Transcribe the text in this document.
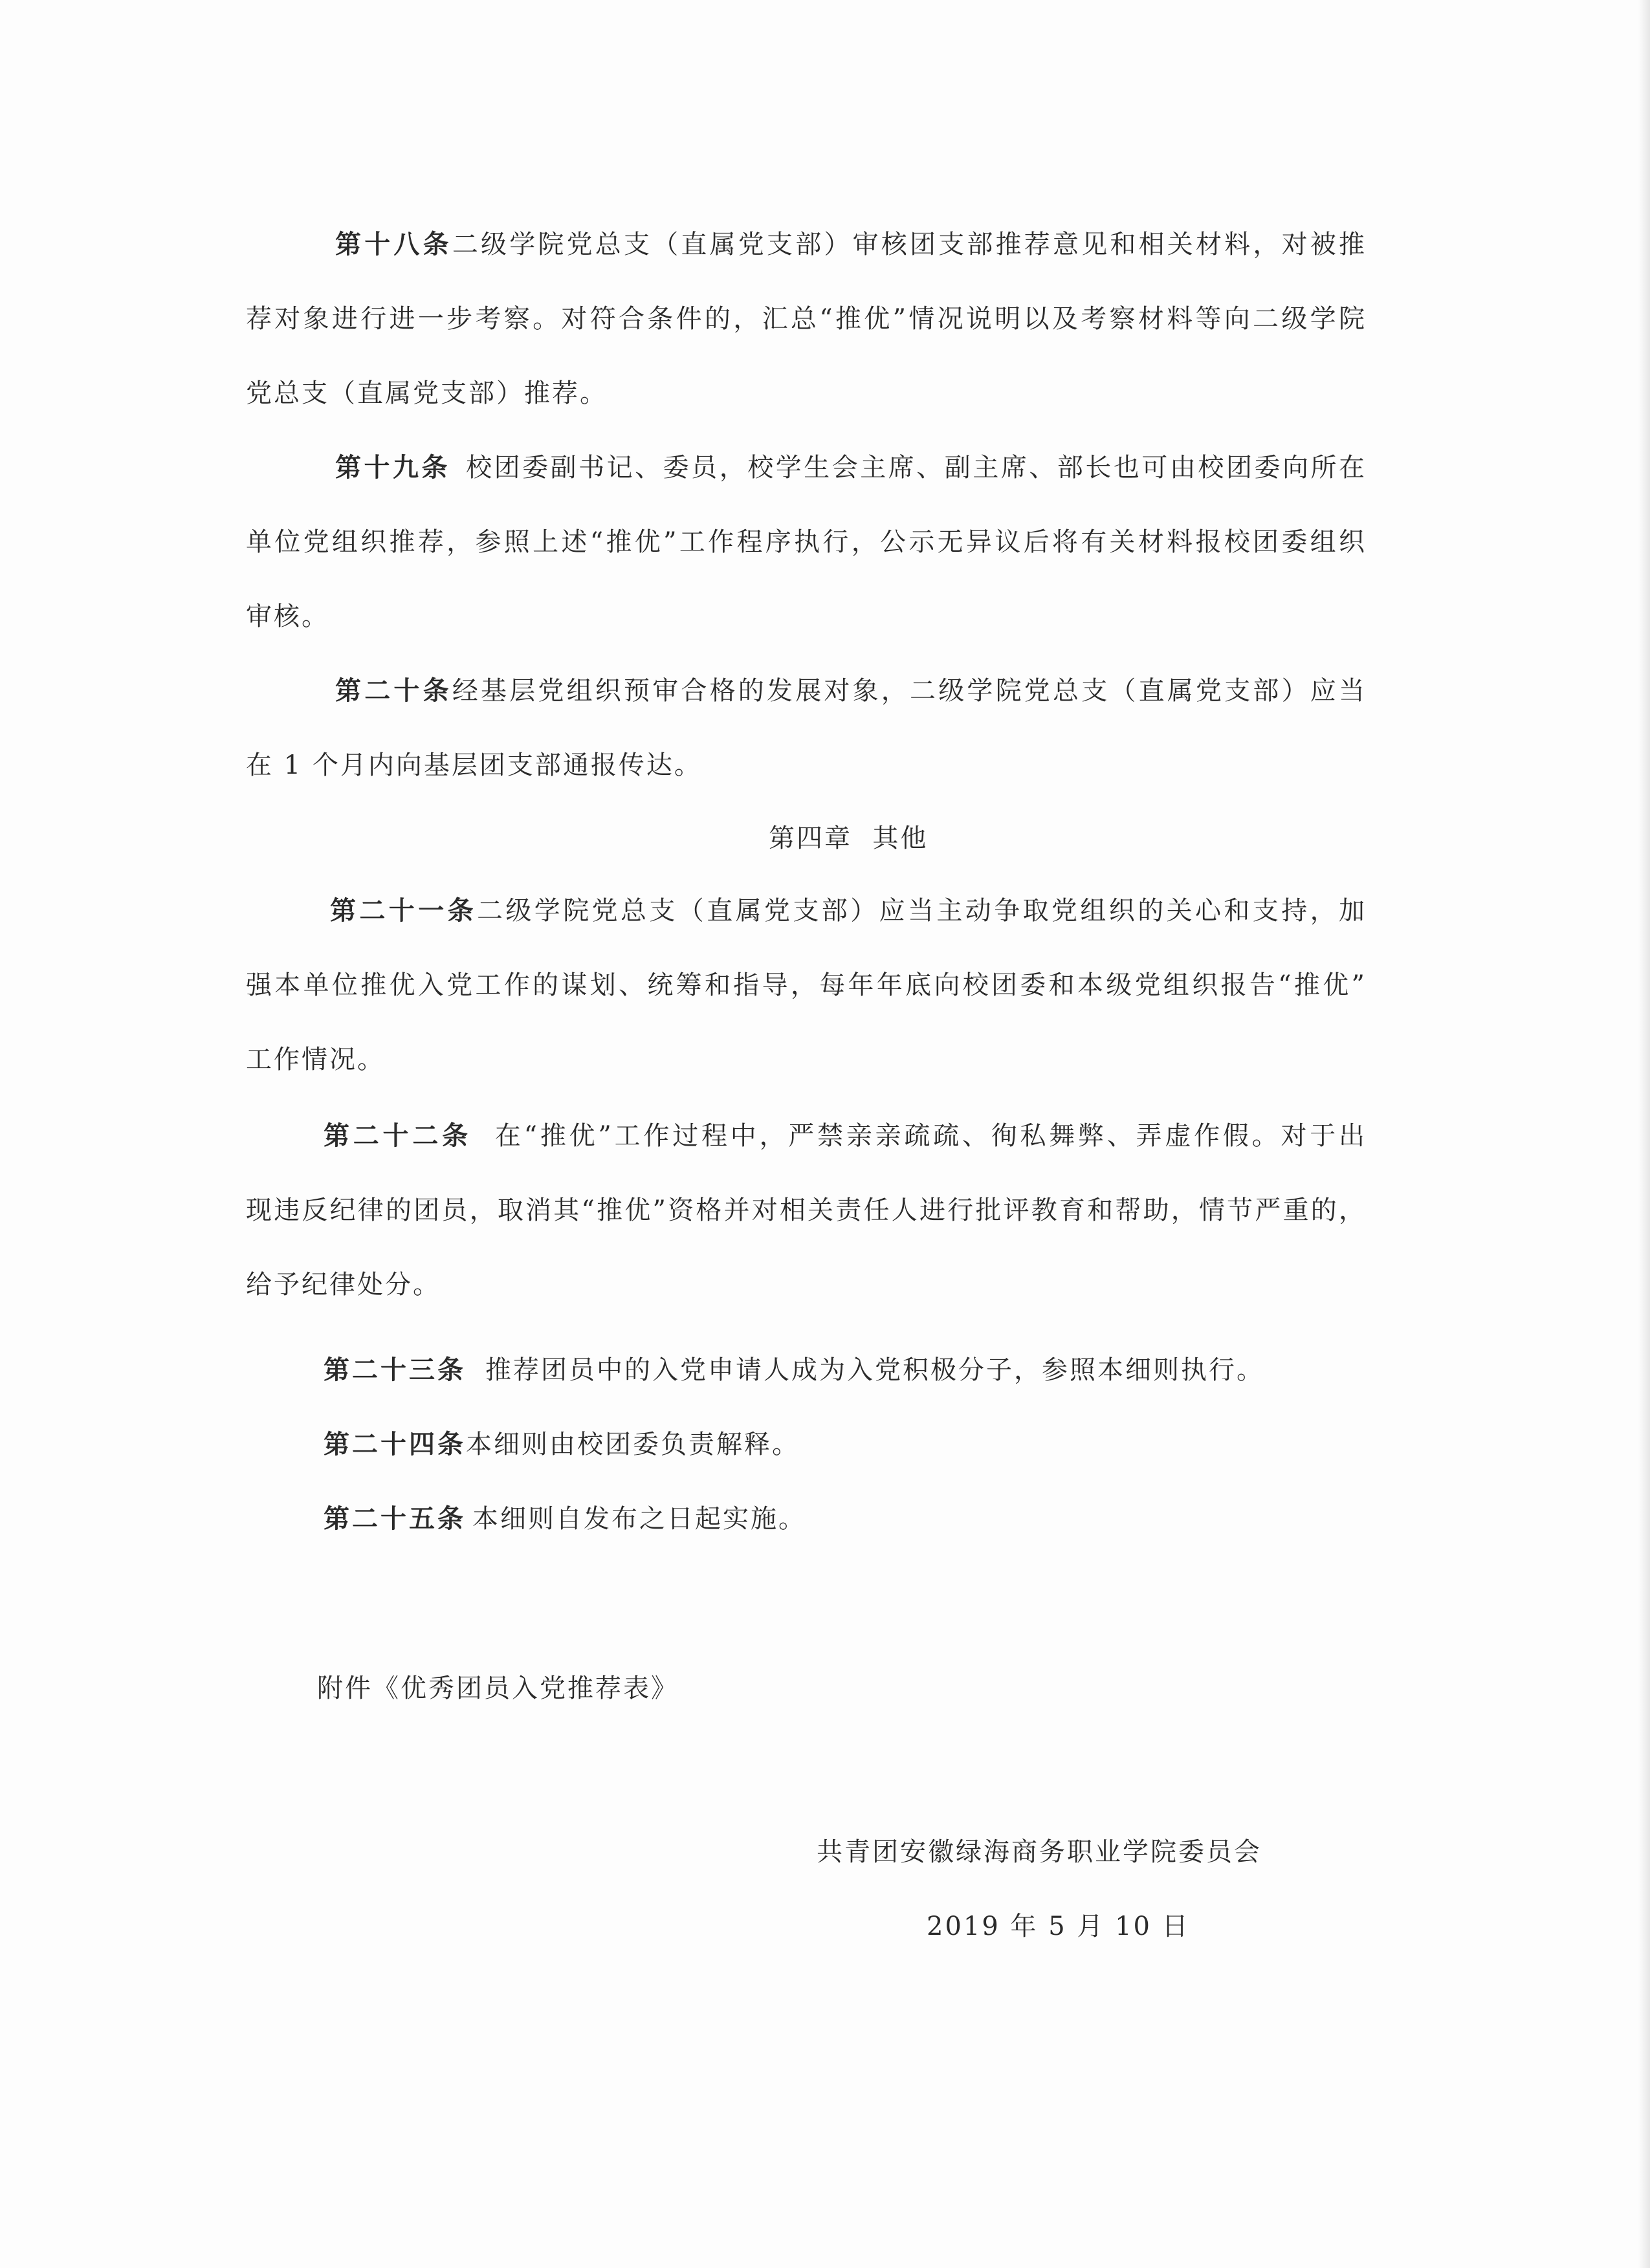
第十八条二级学院党总支（直属党支部）审核团支部推荐意见和相关材料，对被推
荐对象进行进一步考察。对符合条件的，汇总“推优”情况说明以及考察材料等向二级学院
党总支（直属党支部）推荐。
第十九条 校团委副书记、委员，校学生会主席、副主席、部长也可由校团委向所在
单位党组织推荐，参照上述“推优”工作程序执行，公示无异议后将有关材料报校团委组织
审核。
第二十条经基层党组织预审合格的发展对象，二级学院党总支（直属党支部）应当
在 1 个月内向基层团支部通报传达。
第四章  其他
第二十一条二级学院党总支（直属党支部）应当主动争取党组织的关心和支持，加
强本单位推优入党工作的谋划、统筹和指导，每年年底向校团委和本级党组织报告“推优”
工作情况。
第二十二条 在“推优”工作过程中，严禁亲亲疏疏、徇私舞弊、弄虚作假。对于出
现违反纪律的团员，取消其“推优”资格并对相关责任人进行批评教育和帮助，情节严重的，
给予纪律处分。
第二十三条 推荐团员中的入党申请人成为入党积极分子，参照本细则执行。
第二十四条本细则由校团委负责解释。
第二十五条 本细则自发布之日起实施。
附件《优秀团员入党推荐表》
共青团安徽绿海商务职业学院委员会
2019 年 5 月 10 日
